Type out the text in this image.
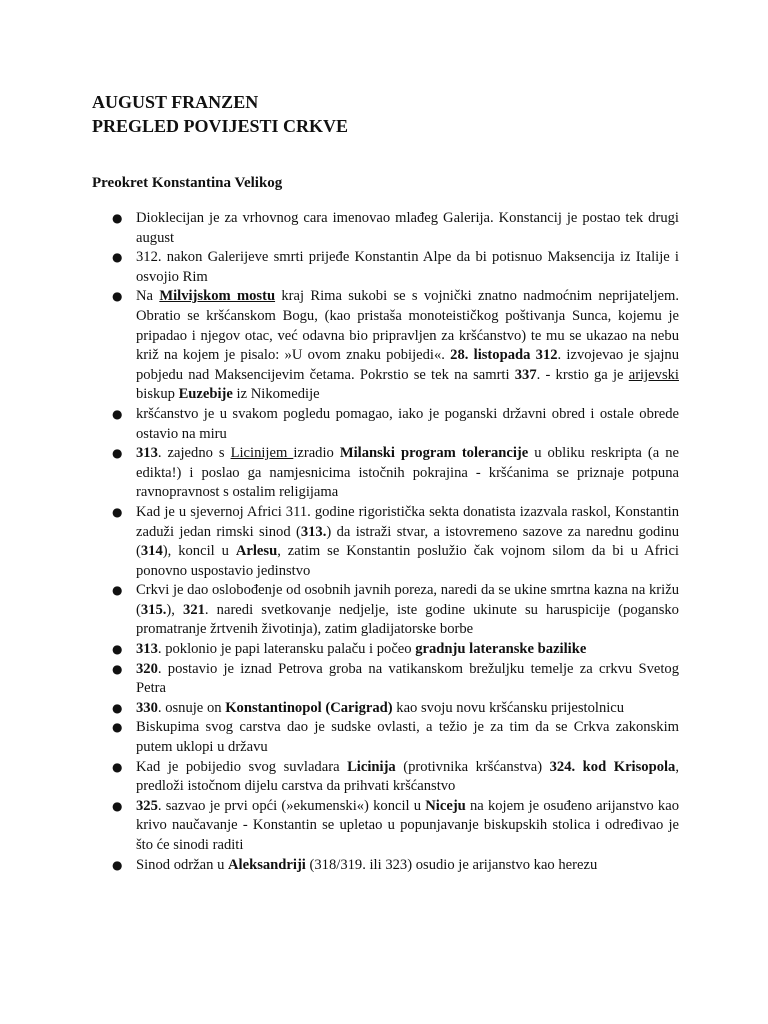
AUGUST FRANZEN
PREGLED POVIJESTI CRKVE
Preokret Konstantina Velikog
● Dioklecijan je za vrhovnog cara imenovao mlađeg Galerija. Konstancij je postao tek drugi august
● 312. nakon Galerijeve smrti prijeđe Konstantin Alpe da bi potisnuo Maksencija iz Italije i osvojio Rim
● Na Milvijskom mostu kraj Rima sukobi se s vojnički znatno nadmoćnim neprijateljem. Obratio se kršćanskom Bogu, (kao pristaša monoteističkog poštivanja Sunca, kojemu je pripadao i njegov otac, već odavna bio pripravljen za kršćanstvo) te mu se ukazao na nebu križ na kojem je pisalo: »U ovom znaku pobijedi«. 28. listopada 312. izvojevao je sjajnu pobjedu nad Maksencijevim četama. Pokrstio se tek na samrti 337. - krstio ga je arijevski biskup Euzebije iz Nikomedije
● kršćanstvo je u svakom pogledu pomagao, iako je poganski državni obred i ostale obrede ostavio na miru
● 313. zajedno s Licinijem izradio Milanski program tolerancije u obliku reskripta (a ne edikta!) i poslao ga namjesnicima istočnih pokrajina - kršćanima se priznaje potpuna ravnopravnost s ostalim religijama
● Kad je u sjevernoj Africi 311. godine rigoristička sekta donatista izazvala raskol, Konstantin zaduži jedan rimski sinod (313.) da istraži stvar, a istovremeno sazove za narednu godinu (314), koncil u Arlesu, zatim se Konstantin poslužio čak vojnom silom da bi u Africi ponovno uspostavio jedinstvo
● Crkvi je dao oslobođenje od osobnih javnih poreza, naredi da se ukine smrtna kazna na križu (315.), 321. naredi svetkovanje nedjelje, iste godine ukinute su haruspicije (pogansko promatranje žrtvenih životinja), zatim gladijatorske borbe
● 313. poklonio je papi lateransku palaču i počeo gradnju lateranske bazilike
● 320. postavio je iznad Petrova groba na vatikanskom brežuljku temelje za crkvu Svetog Petra
● 330. osnuje on Konstantinopol (Carigrad) kao svoju novu kršćansku prijestolnicu
● Biskupima svog carstva dao je sudske ovlasti, a težio je za tim da se Crkva zakonskim putem uklopi u državu
● Kad je pobijedio svog suvladara Licinija (protivnika kršćanstva) 324. kod Krisopola, predloži istočnom dijelu carstva da prihvati kršćanstvo
● 325. sazvao je prvi opći (»ekumenski«) koncil u Niceju na kojem je osuđeno arijanstvo kao krivo naučavanje - Konstantin se upletao u popunjavanje biskupskih stolica i određivao je što će sinodi raditi
● Sinod održan u Aleksandriji (318/319. ili 323) osudio je arijanstvo kao herezu
